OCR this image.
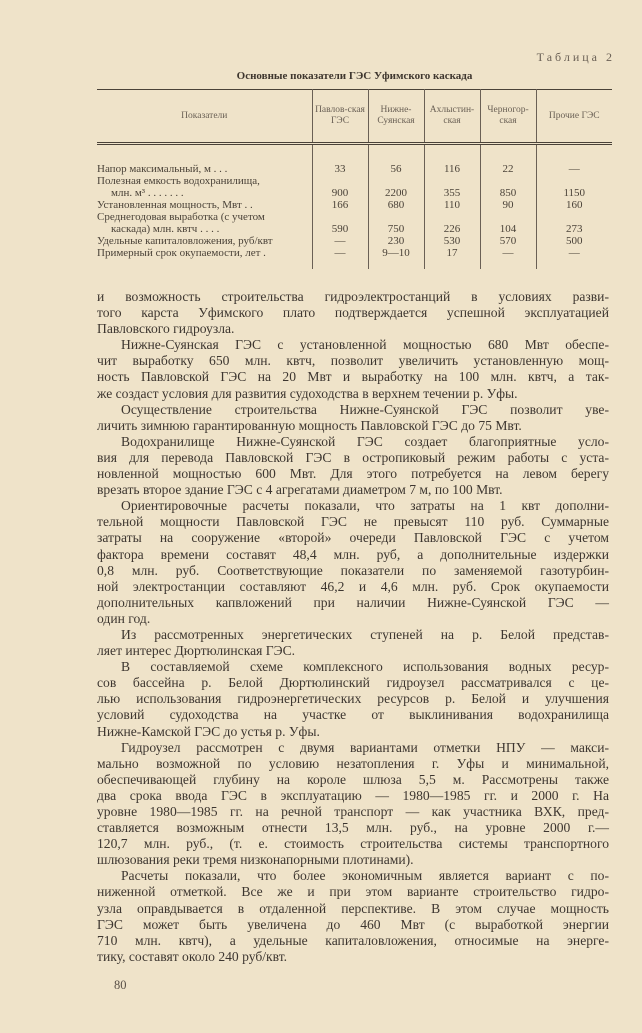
Таблица 2
Основные показатели ГЭС Уфимского каскада
Показатели	Павлов-ская ГЭС	Нижне-Суянская	Ахлыстин-ская	Черногор-ская	Прочие ГЭС

Напор максимальный, м . . .	33	56	116	22	—

Полезная емкость водохранилища,
млн. м³ . . . . . . .	900	2200	355	850	1150

Установленная мощность, Мвт . .	166	680	110	90	160

Среднегодовая выработка (с учетом
каскада) млн. квтч . . . .	590	750	226	104	273

Удельные капиталовложения, руб/квт	—	230	530	570	500

Примерный срок окупаемости, лет .	—	9—10	17	—	—
и возможность строительства гидроэлектростанций в условиях разви-
того карста Уфимского плато подтверждается успешной эксплуатацией
Павловского гидроузла.
Нижне-Суянская ГЭС с установленной мощностью 680 Мвт обеспе-
чит выработку 650 млн. квтч, позволит увеличить установленную мощ-
ность Павловской ГЭС на 20 Мвт и выработку на 100 млн. квтч, а так-
же создаст условия для развития судоходства в верхнем течении р. Уфы.
Осуществление строительства Нижне-Суянской ГЭС позволит уве-
личить зимнюю гарантированную мощность Павловской ГЭС до 75 Мвт.
Водохранилище Нижне-Суянской ГЭС создает благоприятные усло-
вия для перевода Павловской ГЭС в остропиковый режим работы с уста-
новленной мощностью 600 Мвт. Для этого потребуется на левом берегу
врезать второе здание ГЭС с 4 агрегатами диаметром 7 м, по 100 Мвт.
Ориентировочные расчеты показали, что затраты на 1 квт дополни-
тельной мощности Павловской ГЭС не превысят 110 руб. Суммарные
затраты на сооружение «второй» очереди Павловской ГЭС с учетом
фактора времени составят 48,4 млн. руб, а дополнительные издержки
0,8 млн. руб. Соответствующие показатели по заменяемой газотурбин-
ной электростанции составляют 46,2 и 4,6 млн. руб. Срок окупаемости
дополнительных капвложений при наличии Нижне-Суянской ГЭС —
один год.
Из рассмотренных энергетических ступеней на р. Белой представ-
ляет интерес Дюртюлинская ГЭС.
В составляемой схеме комплексного использования водных ресур-
сов бассейна р. Белой Дюртюлинский гидроузел рассматривался с це-
лью использования гидроэнергетических ресурсов р. Белой и улучшения
условий судоходства на участке от выклинивания водохранилища
Нижне-Камской ГЭС до устья р. Уфы.
Гидроузел рассмотрен с двумя вариантами отметки НПУ — макси-
мально возможной по условию незатопления г. Уфы и минимальной,
обеспечивающей глубину на короле шлюза 5,5 м. Рассмотрены также
два срока ввода ГЭС в эксплуатацию — 1980—1985 гг. и 2000 г. На
уровне 1980—1985 гг. на речной транспорт — как участника ВХК, пред-
ставляется возможным отнести 13,5 млн. руб., на уровне 2000 г.—
120,7 млн. руб., (т. е. стоимость строительства системы транспортного
шлюзования реки тремя низконапорными плотинами).
Расчеты показали, что более экономичным является вариант с по-
ниженной отметкой. Все же и при этом варианте строительство гидро-
узла оправдывается в отдаленной перспективе. В этом случае мощность
ГЭС может быть увеличена до 460 Мвт (с выработкой энергии
710 млн. квтч), а удельные капиталовложения, относимые на энерге-
тику, составят около 240 руб/квт.
80
